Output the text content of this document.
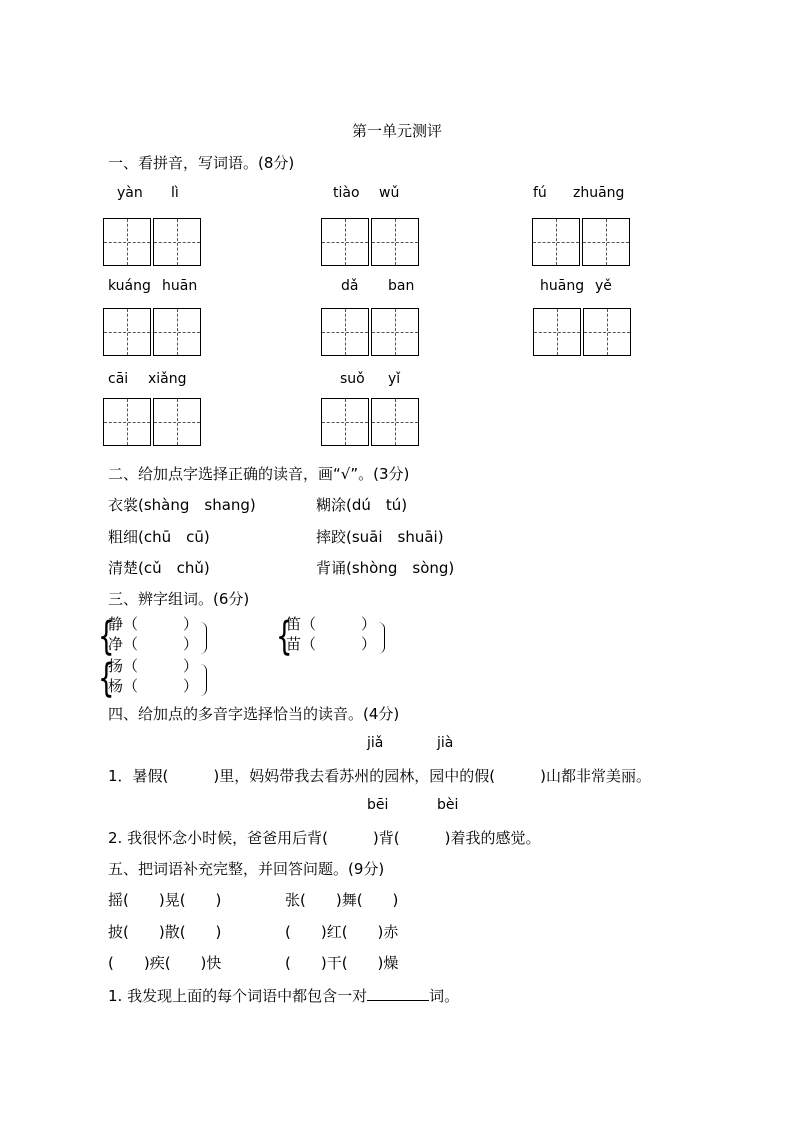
第一单元测评
一、看拼音，写词语。(8分)
yàn lì	tiào wǔ	fú zhuāng
kuáng huān	dǎ ban	huāng yě
cāi xiǎng	suǒ yǐ
二、给加点字选择正确的读音，画“√”。(3分)
衣裳(shàng　shang)	糊涂(dú　tú)
粗细(chū　cū)	摔跤(suāi　shuāi)
清楚(cǔ　chǔ)	背诵(shòng　sòng)
三、辨字组词。(6分)
{
静（　　　）
净（　　　）
{
扬（　　　）
杨（　　　）
{
笛（　　　）
苗（　　　）
四、给加点的多音字选择恰当的读音。(4分)
jiǎ	jià
1．暑假(　　　)里，妈妈带我去看苏州的园林，园中的假(　　　)山都非常美丽。
bēi	bèi
2. 我很怀念小时候，爸爸用后背(　　　)背(　　　)着我的感觉。
五、把词语补充完整，并回答问题。(9分)
摇(　　)晃(　　)	张(　　)舞(　　)
披(　　)散(　　)	(　　)红(　　)赤
(　　)疾(　　)快	(　　)干(　　)燥
1. 我发现上面的每个词语中都包含一对	词。
